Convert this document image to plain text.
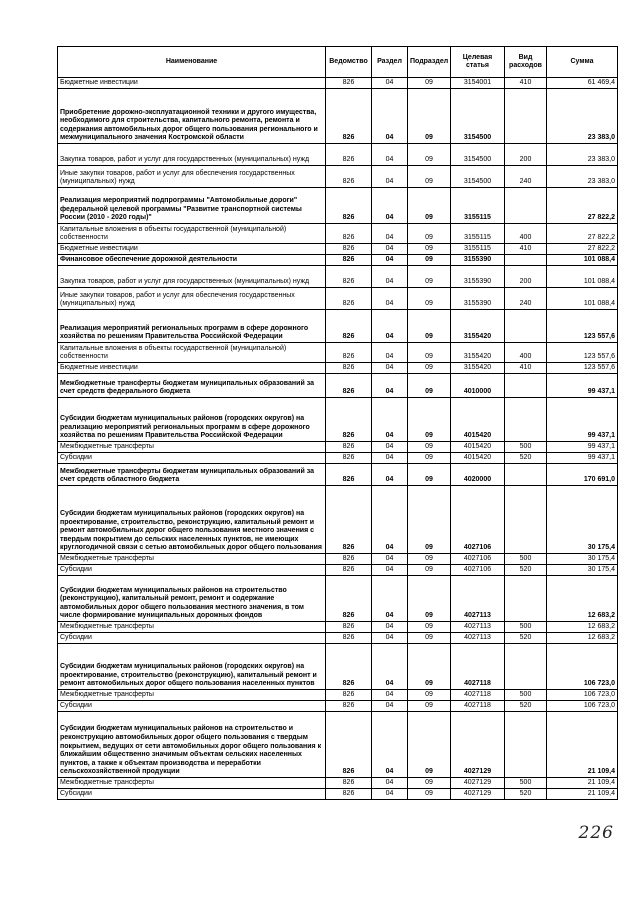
Наименование	Ведомство	Раздел	Подраздел	Целевая статья	Вид расходов	Сумма
Бюджетные инвестиции	826	04	09	3154001	410	61 469,4
Приобретение дорожно-эксплуатационной техники и другого имущества, необходимого для строительства, капитального ремонта, ремонта и содержания автомобильных дорог общего пользования регионального и межмуниципального значения Костромской области	826	04	09	3154500		23 383,0
Закупка товаров, работ и услуг для государственных (муниципальных) нужд	826	04	09	3154500	200	23 383,0
Иные закупки товаров, работ и услуг для обеспечения государственных (муниципальных) нужд	826	04	09	3154500	240	23 383,0
Реализация мероприятий подпрограммы "Автомобильные дороги" федеральной целевой программы "Развитие транспортной системы России (2010 - 2020 годы)"	826	04	09	3155115		27 822,2
Капитальные вложения в объекты государственной (муниципальной) собственности	826	04	09	3155115	400	27 822,2
Бюджетные инвестиции	826	04	09	3155115	410	27 822,2
Финансовое обеспечение дорожной деятельности	826	04	09	3155390		101 088,4
Закупка товаров, работ и услуг для государственных (муниципальных) нужд	826	04	09	3155390	200	101 088,4
Иные закупки товаров, работ и услуг для обеспечения государственных (муниципальных) нужд	826	04	09	3155390	240	101 088,4
Реализация мероприятий региональных программ в сфере дорожного хозяйства по решениям Правительства Российской Федерации	826	04	09	3155420		123 557,6
Капитальные вложения в объекты государственной (муниципальной) собственности	826	04	09	3155420	400	123 557,6
Бюджетные инвестиции	826	04	09	3155420	410	123 557,6
Межбюджетные трансферты бюджетам муниципальных образований за счет средств федерального бюджета	826	04	09	4010000		99 437,1
Субсидии бюджетам муниципальных районов (городских округов) на реализацию мероприятий региональных программ в сфере дорожного хозяйства по решениям Правительства Российской Федерации	826	04	09	4015420		99 437,1
Межбюджетные трансферты	826	04	09	4015420	500	99 437,1
Субсидии	826	04	09	4015420	520	99 437,1
Межбюджетные трансферты бюджетам муниципальных образований за счет средств областного бюджета	826	04	09	4020000		170 691,0
Субсидии бюджетам муниципальных районов (городских округов) на проектирование, строительство, реконструкцию, капитальный ремонт и ремонт автомобильных дорог общего пользования местного значения с твердым покрытием до сельских населенных пунктов, не имеющих круглогодичной связи с сетью автомобильных дорог общего пользования	826	04	09	4027106		30 175,4
Межбюджетные трансферты	826	04	09	4027106	500	30 175,4
Субсидии	826	04	09	4027106	520	30 175,4
Субсидии бюджетам муниципальных районов на строительство (реконструкцию), капитальный ремонт, ремонт и содержание автомобильных дорог общего пользования местного значения, в том числе формирование муниципальных дорожных фондов	826	04	09	4027113		12 683,2
Межбюджетные трансферты	826	04	09	4027113	500	12 683,2
Субсидии	826	04	09	4027113	520	12 683,2
Субсидии бюджетам муниципальных районов (городских округов) на проектирование, строительство (реконструкцию), капитальный ремонт и ремонт автомобильных дорог общего пользования населенных пунктов	826	04	09	4027118		106 723,0
Межбюджетные трансферты	826	04	09	4027118	500	106 723,0
Субсидии	826	04	09	4027118	520	106 723,0
Субсидии бюджетам муниципальных районов на строительство и реконструкцию автомобильных дорог общего пользования с твердым покрытием, ведущих от сети автомобильных дорог общего пользования к ближайшим общественно значимым объектам сельских населенных пунктов, а также к объектам производства и переработки сельскохозяйственной продукции	826	04	09	4027129		21 109,4
Межбюджетные трансферты	826	04	09	4027129	500	21 109,4
Субсидии	826	04	09	4027129	520	21 109,4
226
